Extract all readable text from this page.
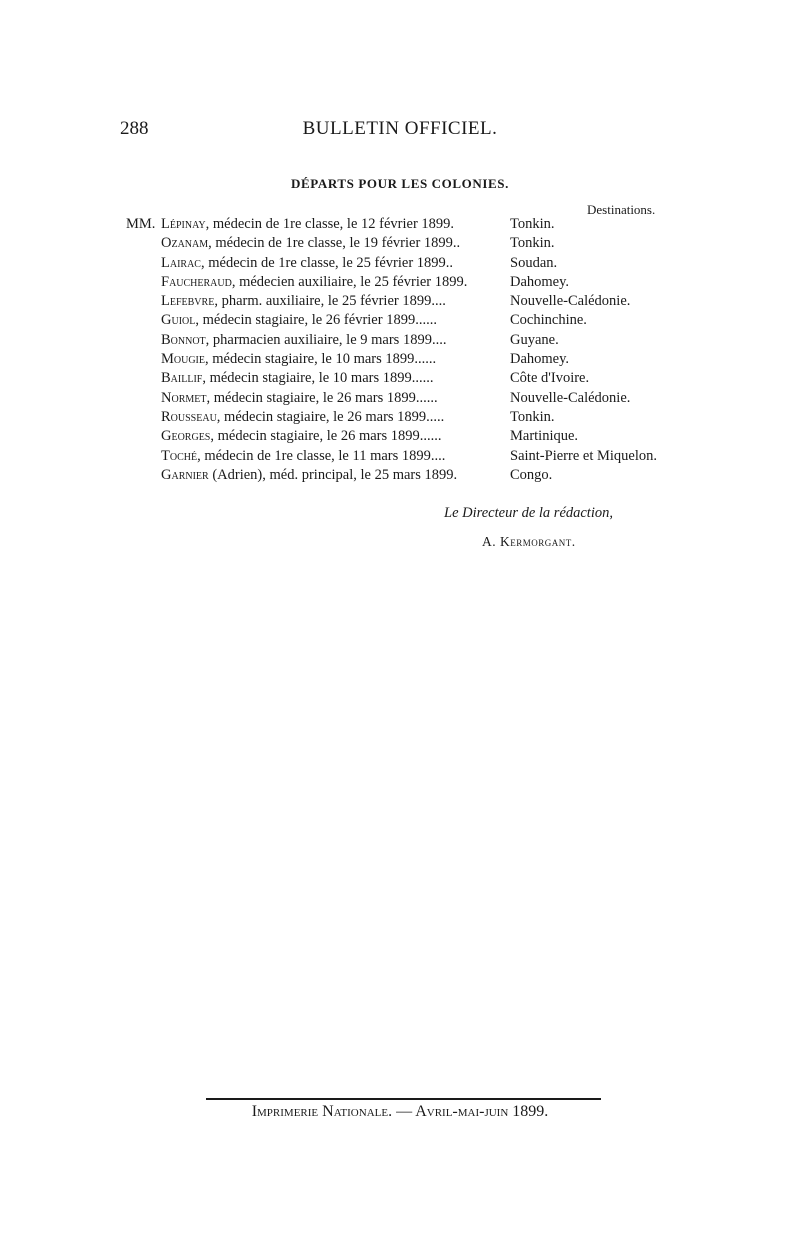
288	BULLETIN OFFICIEL.
DÉPARTS POUR LES COLONIES.
Destinations.
MM. Lépinay, médecin de 1re classe, le 12 février 1899.	Tonkin.
Ozanam, médecin de 1re classe, le 19 février 1899..	Tonkin.
Lairac, médecin de 1re classe, le 25 février 1899..	Soudan.
Faucheraud, médecien auxiliaire, le 25 février 1899.	Dahomey.
Lefebvre, pharm. auxiliaire, le 25 février 1899....	Nouvelle-Calédonie.
Guiol, médecin stagiaire, le 26 février 1899......	Cochinchine.
Bonnot, pharmacien auxiliaire, le 9 mars 1899....	Guyane.
Mougie, médecin stagiaire, le 10 mars 1899......	Dahomey.
Baillif, médecin stagiaire, le 10 mars 1899......	Côte d'Ivoire.
Normet, médecin stagiaire, le 26 mars 1899......	Nouvelle-Calédonie.
Rousseau, médecin stagiaire, le 26 mars 1899.....	Tonkin.
Georges, médecin stagiaire, le 26 mars 1899......	Martinique.
Toché, médecin de 1re classe, le 11 mars 1899....	Saint-Pierre et Miquelon.
Garnier (Adrien), méd. principal, le 25 mars 1899.	Congo.
Le Directeur de la rédaction,
A. Kermorgant.
Imprimerie Nationale. — Avril-mai-juin 1899.
